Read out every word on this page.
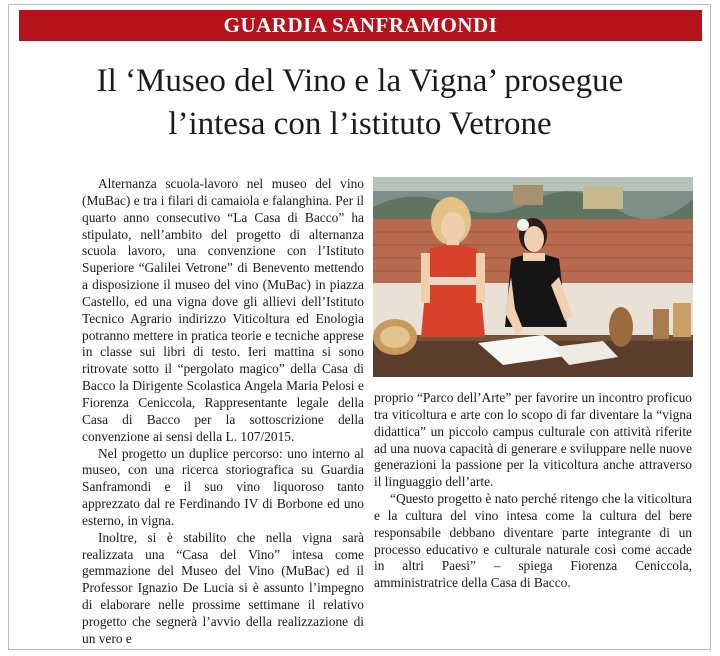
GUARDIA SANFRAMONDI
Il ‘Museo del Vino e la Vigna’ prosegue
l’intesa con l’istituto Vetrone

Alternanza scuola-lavoro nel museo del vino (MuBac) e tra i filari di camaiola e falanghina. Per il quarto anno consecutivo “La Casa di Bacco” ha stipulato, nell’ambito del progetto di alternanza scuola lavoro, una convenzione con l’Istituto Superiore “Galilei Vetrone” di Benevento mettendo a disposizione il museo del vino (MuBac) in piazza Castello, ed una vigna dove gli allievi dell’Istituto Tecnico Agrario indirizzo Viticoltura ed Enologia potranno mettere in pratica teorie e tecniche apprese in classe sui libri di testo. Ieri mattina si sono ritrovate sotto il “pergolato magico” della Casa di Bacco la Dirigente Scolastica Angela Maria Pelosi e Fiorenza Ceniccola, Rappresentante legale della Casa di Bacco per la sottoscrizione della convenzione ai sensi della L. 107/2015.

Nel progetto un duplice percorso: uno interno al museo, con una ricerca storiografica su Guardia Sanframondi e il suo vino liquoroso tanto apprezzato dal re Ferdinando IV di Borbone ed uno esterno, in vigna.

Inoltre, si è stabilito che nella vigna sarà realizzata una “Casa del Vino” intesa come gemmazione del Museo del Vino (MuBac) ed il Professor Ignazio De Lucia si è assunto l’impegno di elaborare nelle prossime settimane il relativo progetto che segnerà l’avvio della realizzazione di un vero e

proprio “Parco dell’Arte” per favorire un incontro proficuo tra viticoltura e arte con lo scopo di far diventare la “vigna didattica” un piccolo campus culturale con attività riferite ad una nuova capacità di generare e sviluppare nelle nuove generazioni la passione per la viticoltura anche attraverso il linguaggio dell’arte.

“Questo progetto è nato perché ritengo che la viticoltura e la cultura del vino intesa come la cultura del bere responsabile debbano diventare parte integrante di un processo educativo e culturale naturale così come accade in altri Paesi” – spiega Fiorenza Ceniccola, amministratrice della Casa di Bacco.
